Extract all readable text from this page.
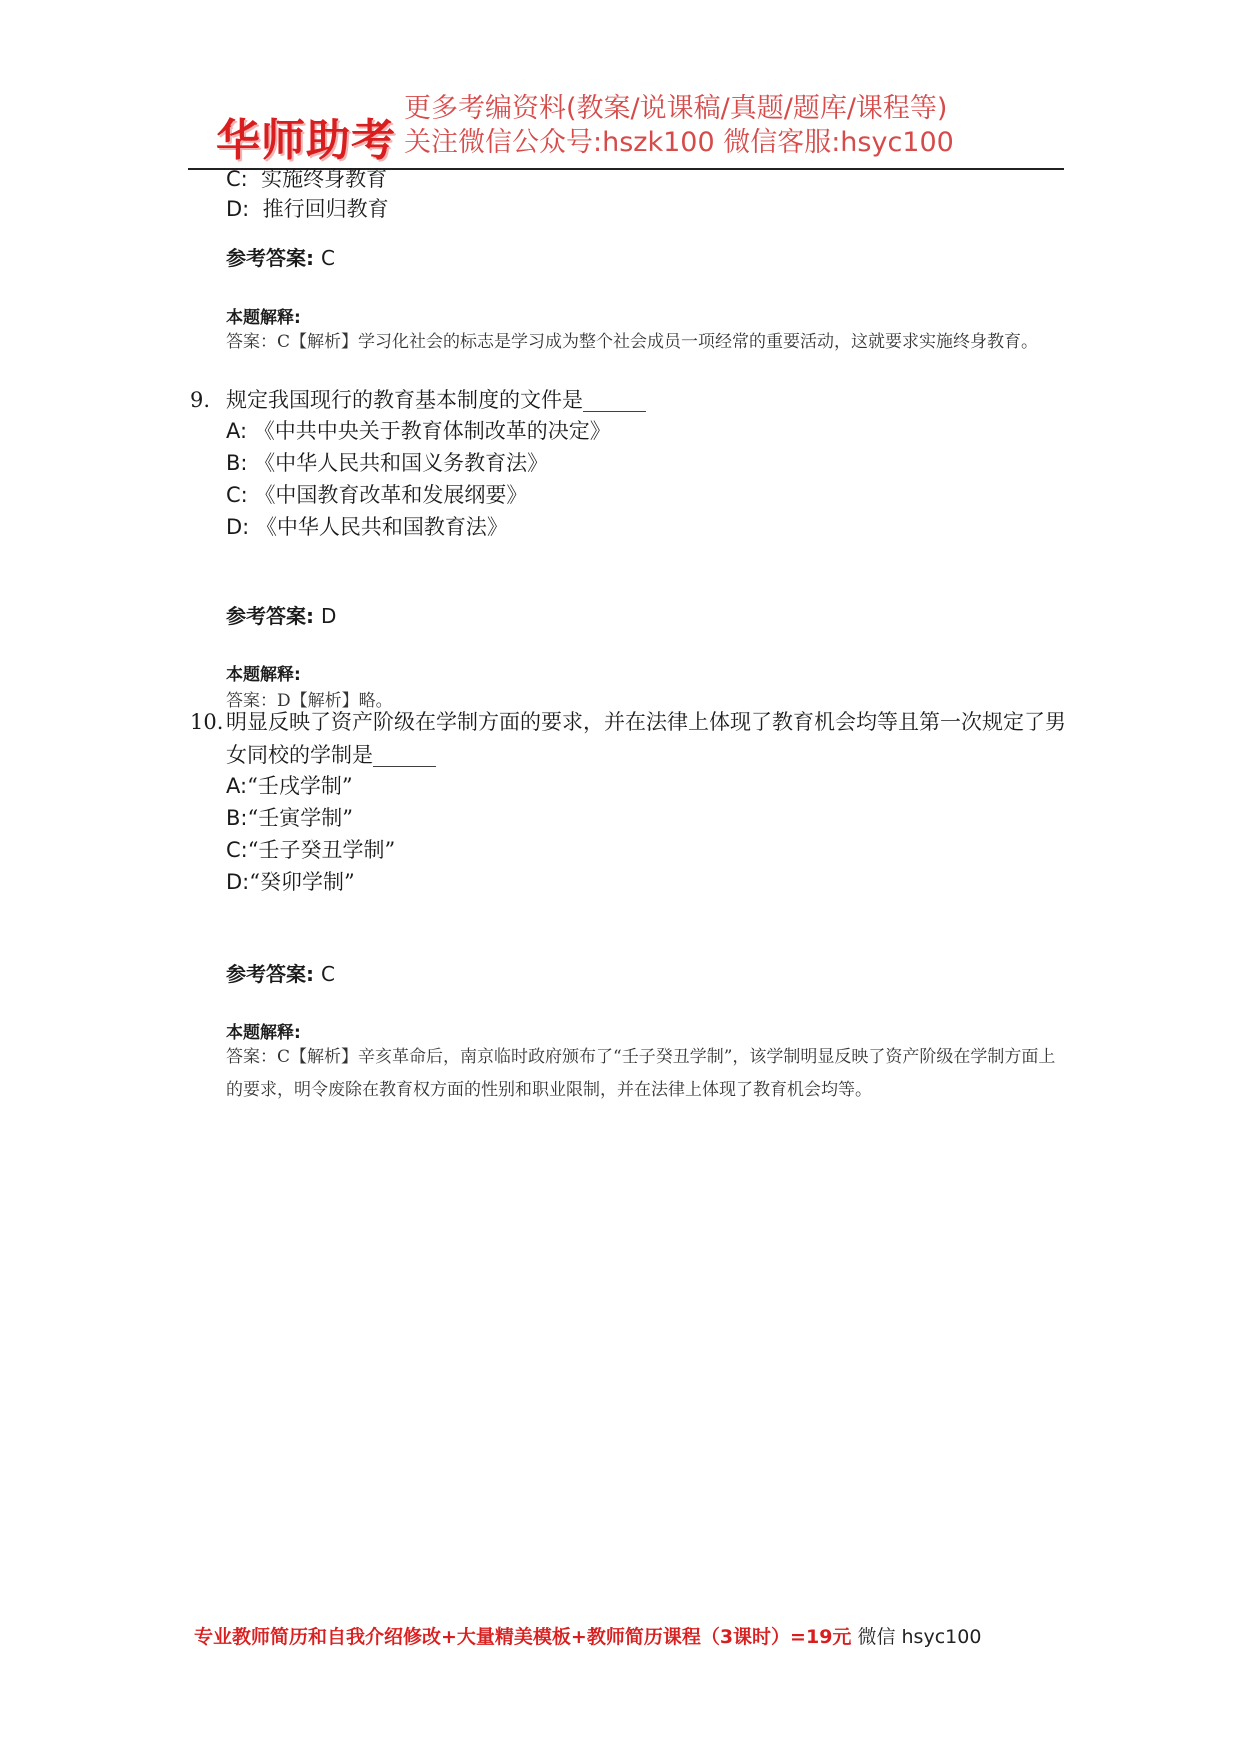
华师助考
更多考编资料(教案/说课稿/真题/题库/课程等)
关注微信公众号:hszk100 微信客服:hsyc100
C: 实施终身教育
D: 推行回归教育
参考答案: C
本题解释:
答案：C【解析】学习化社会的标志是学习成为整个社会成员一项经常的重要活动，这就要求实施终身教育。
9. 规定我国现行的教育基本制度的文件是______
A: 《中共中央关于教育体制改革的决定》
B: 《中华人民共和国义务教育法》
C: 《中国教育改革和发展纲要》
D: 《中华人民共和国教育法》
参考答案: D
本题解释:
答案：D【解析】略。
10. 明显反映了资产阶级在学制方面的要求，并在法律上体现了教育机会均等且第一次规定了男女同校的学制是______
A:“壬戌学制”
B:“壬寅学制”
C:“壬子癸丑学制”
D:“癸卯学制”
参考答案: C
本题解释:
答案：C【解析】辛亥革命后，南京临时政府颁布了“壬子癸丑学制”，该学制明显反映了资产阶级在学制方面上的要求，明令废除在教育权方面的性别和职业限制，并在法律上体现了教育机会均等。
专业教师简历和自我介绍修改+大量精美模板+教师简历课程（3课时）=19元 微信 hsyc100
